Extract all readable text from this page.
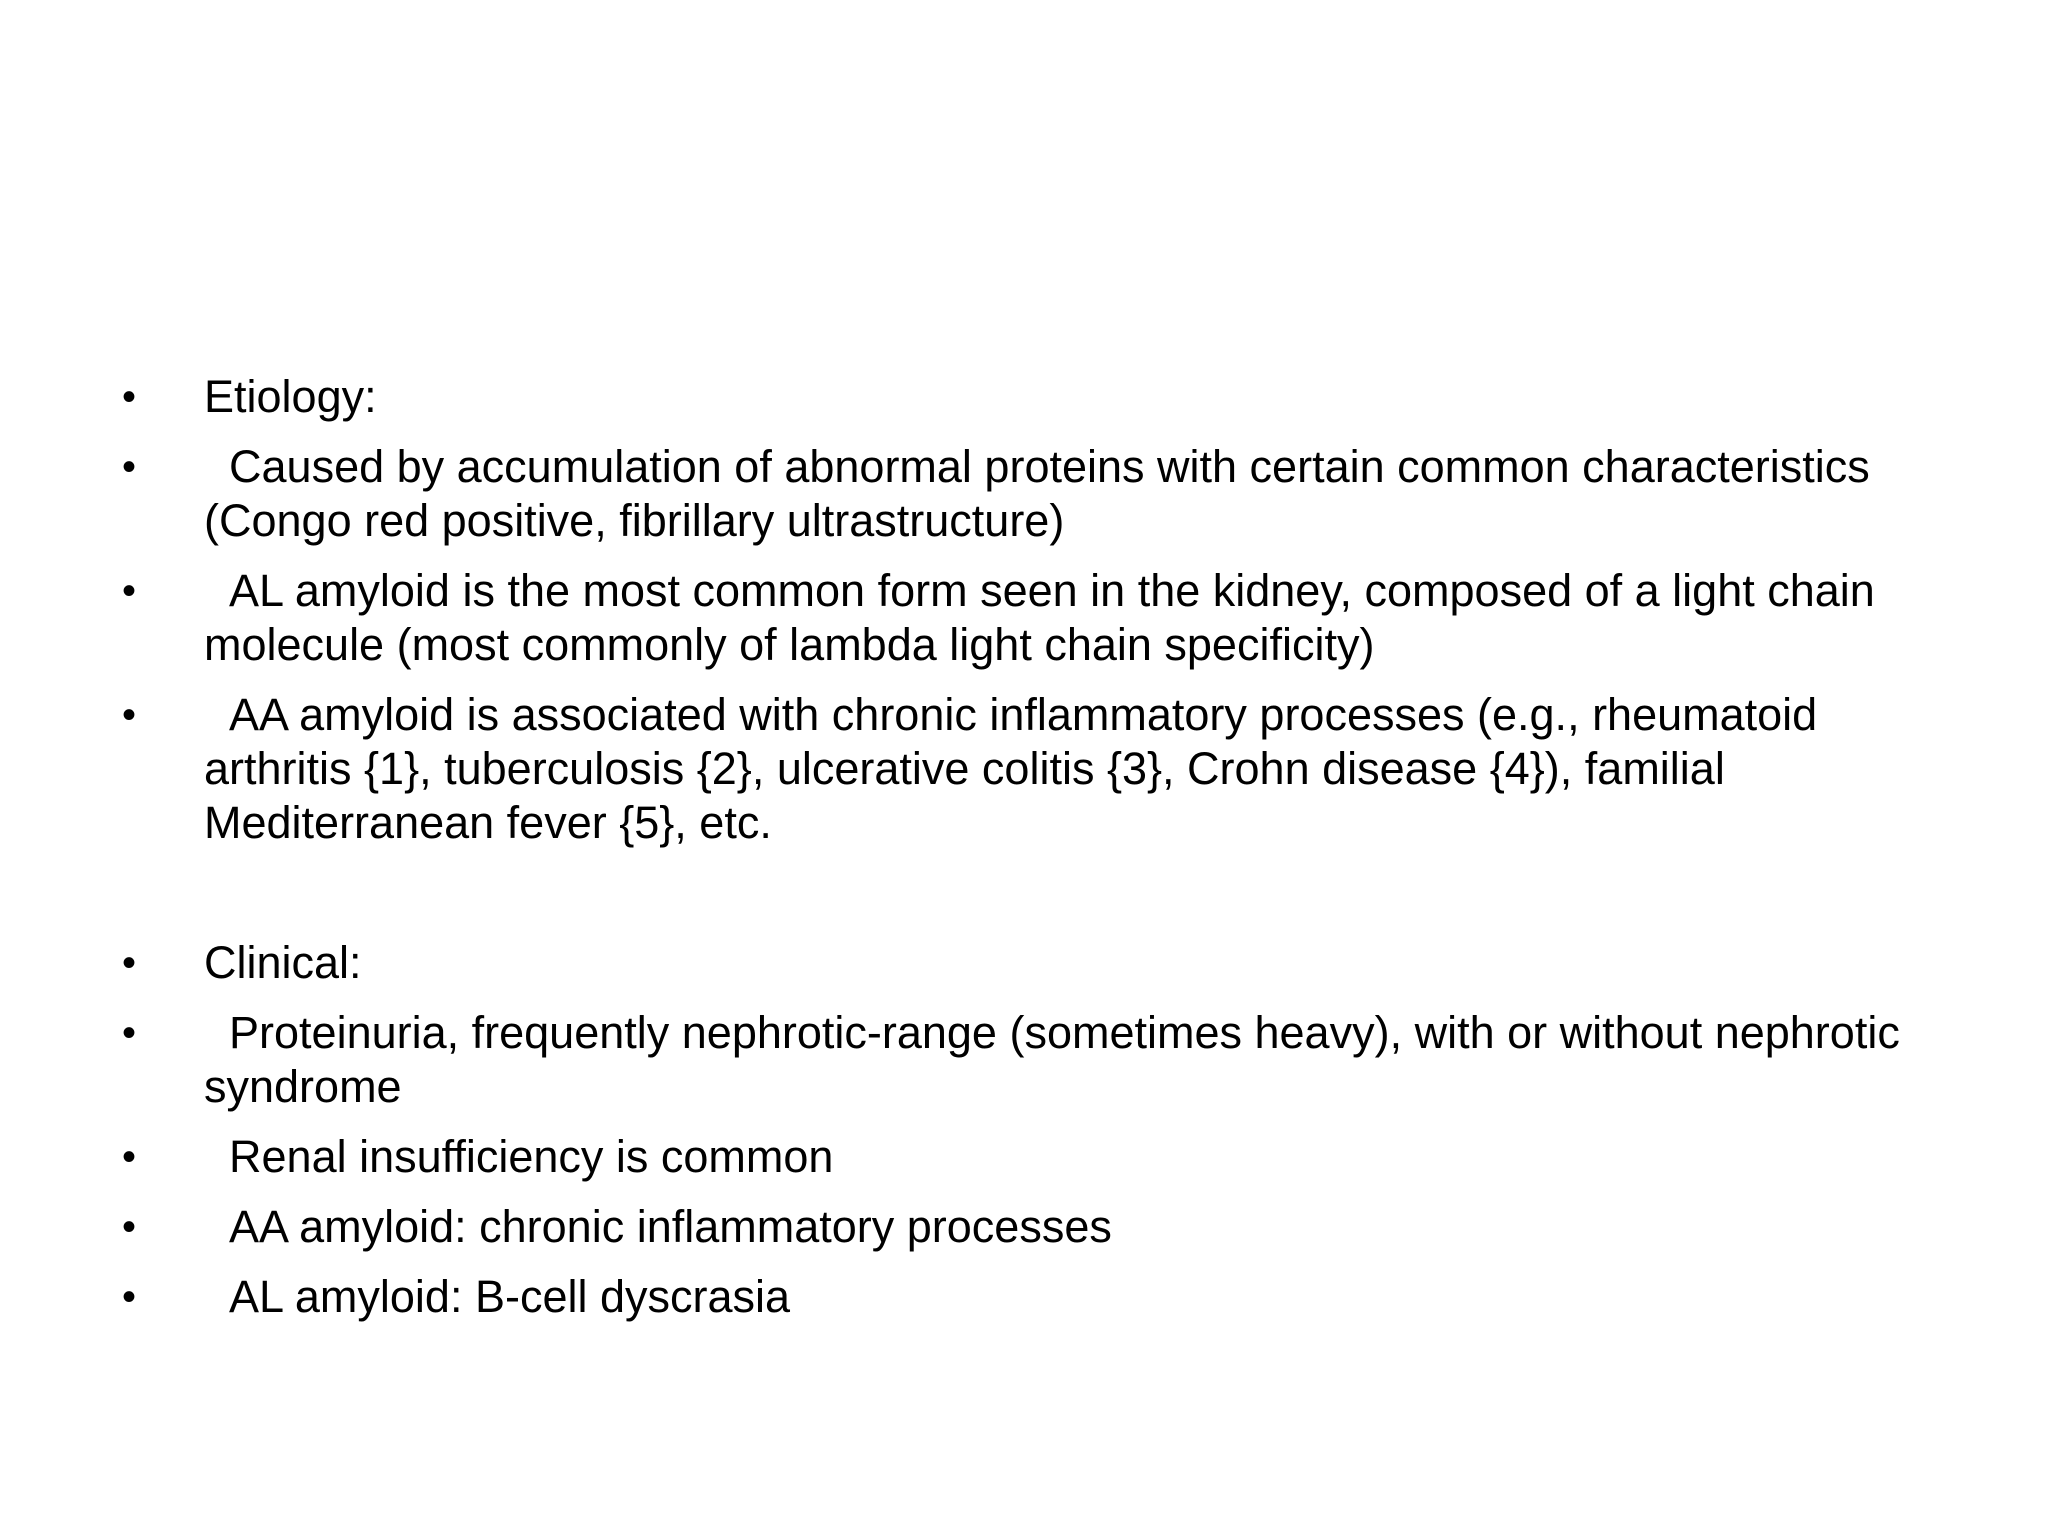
•	Etiology:
•	Caused by accumulation of abnormal proteins with certain common characteristics (Congo red positive, fibrillary ultrastructure)
•	AL amyloid is the most common form seen in the kidney, composed of a light chain molecule (most commonly of lambda light chain specificity)
•	AA amyloid is associated with chronic inflammatory processes (e.g., rheumatoid arthritis {1}, tuberculosis {2}, ulcerative colitis {3}, Crohn disease {4}), familial Mediterranean fever {5}, etc.
•	Clinical:
•	Proteinuria, frequently nephrotic-range (sometimes heavy), with or without nephrotic syndrome
•	Renal insufficiency is common
•	AA amyloid: chronic inflammatory processes
•	AL amyloid: B-cell dyscrasia
